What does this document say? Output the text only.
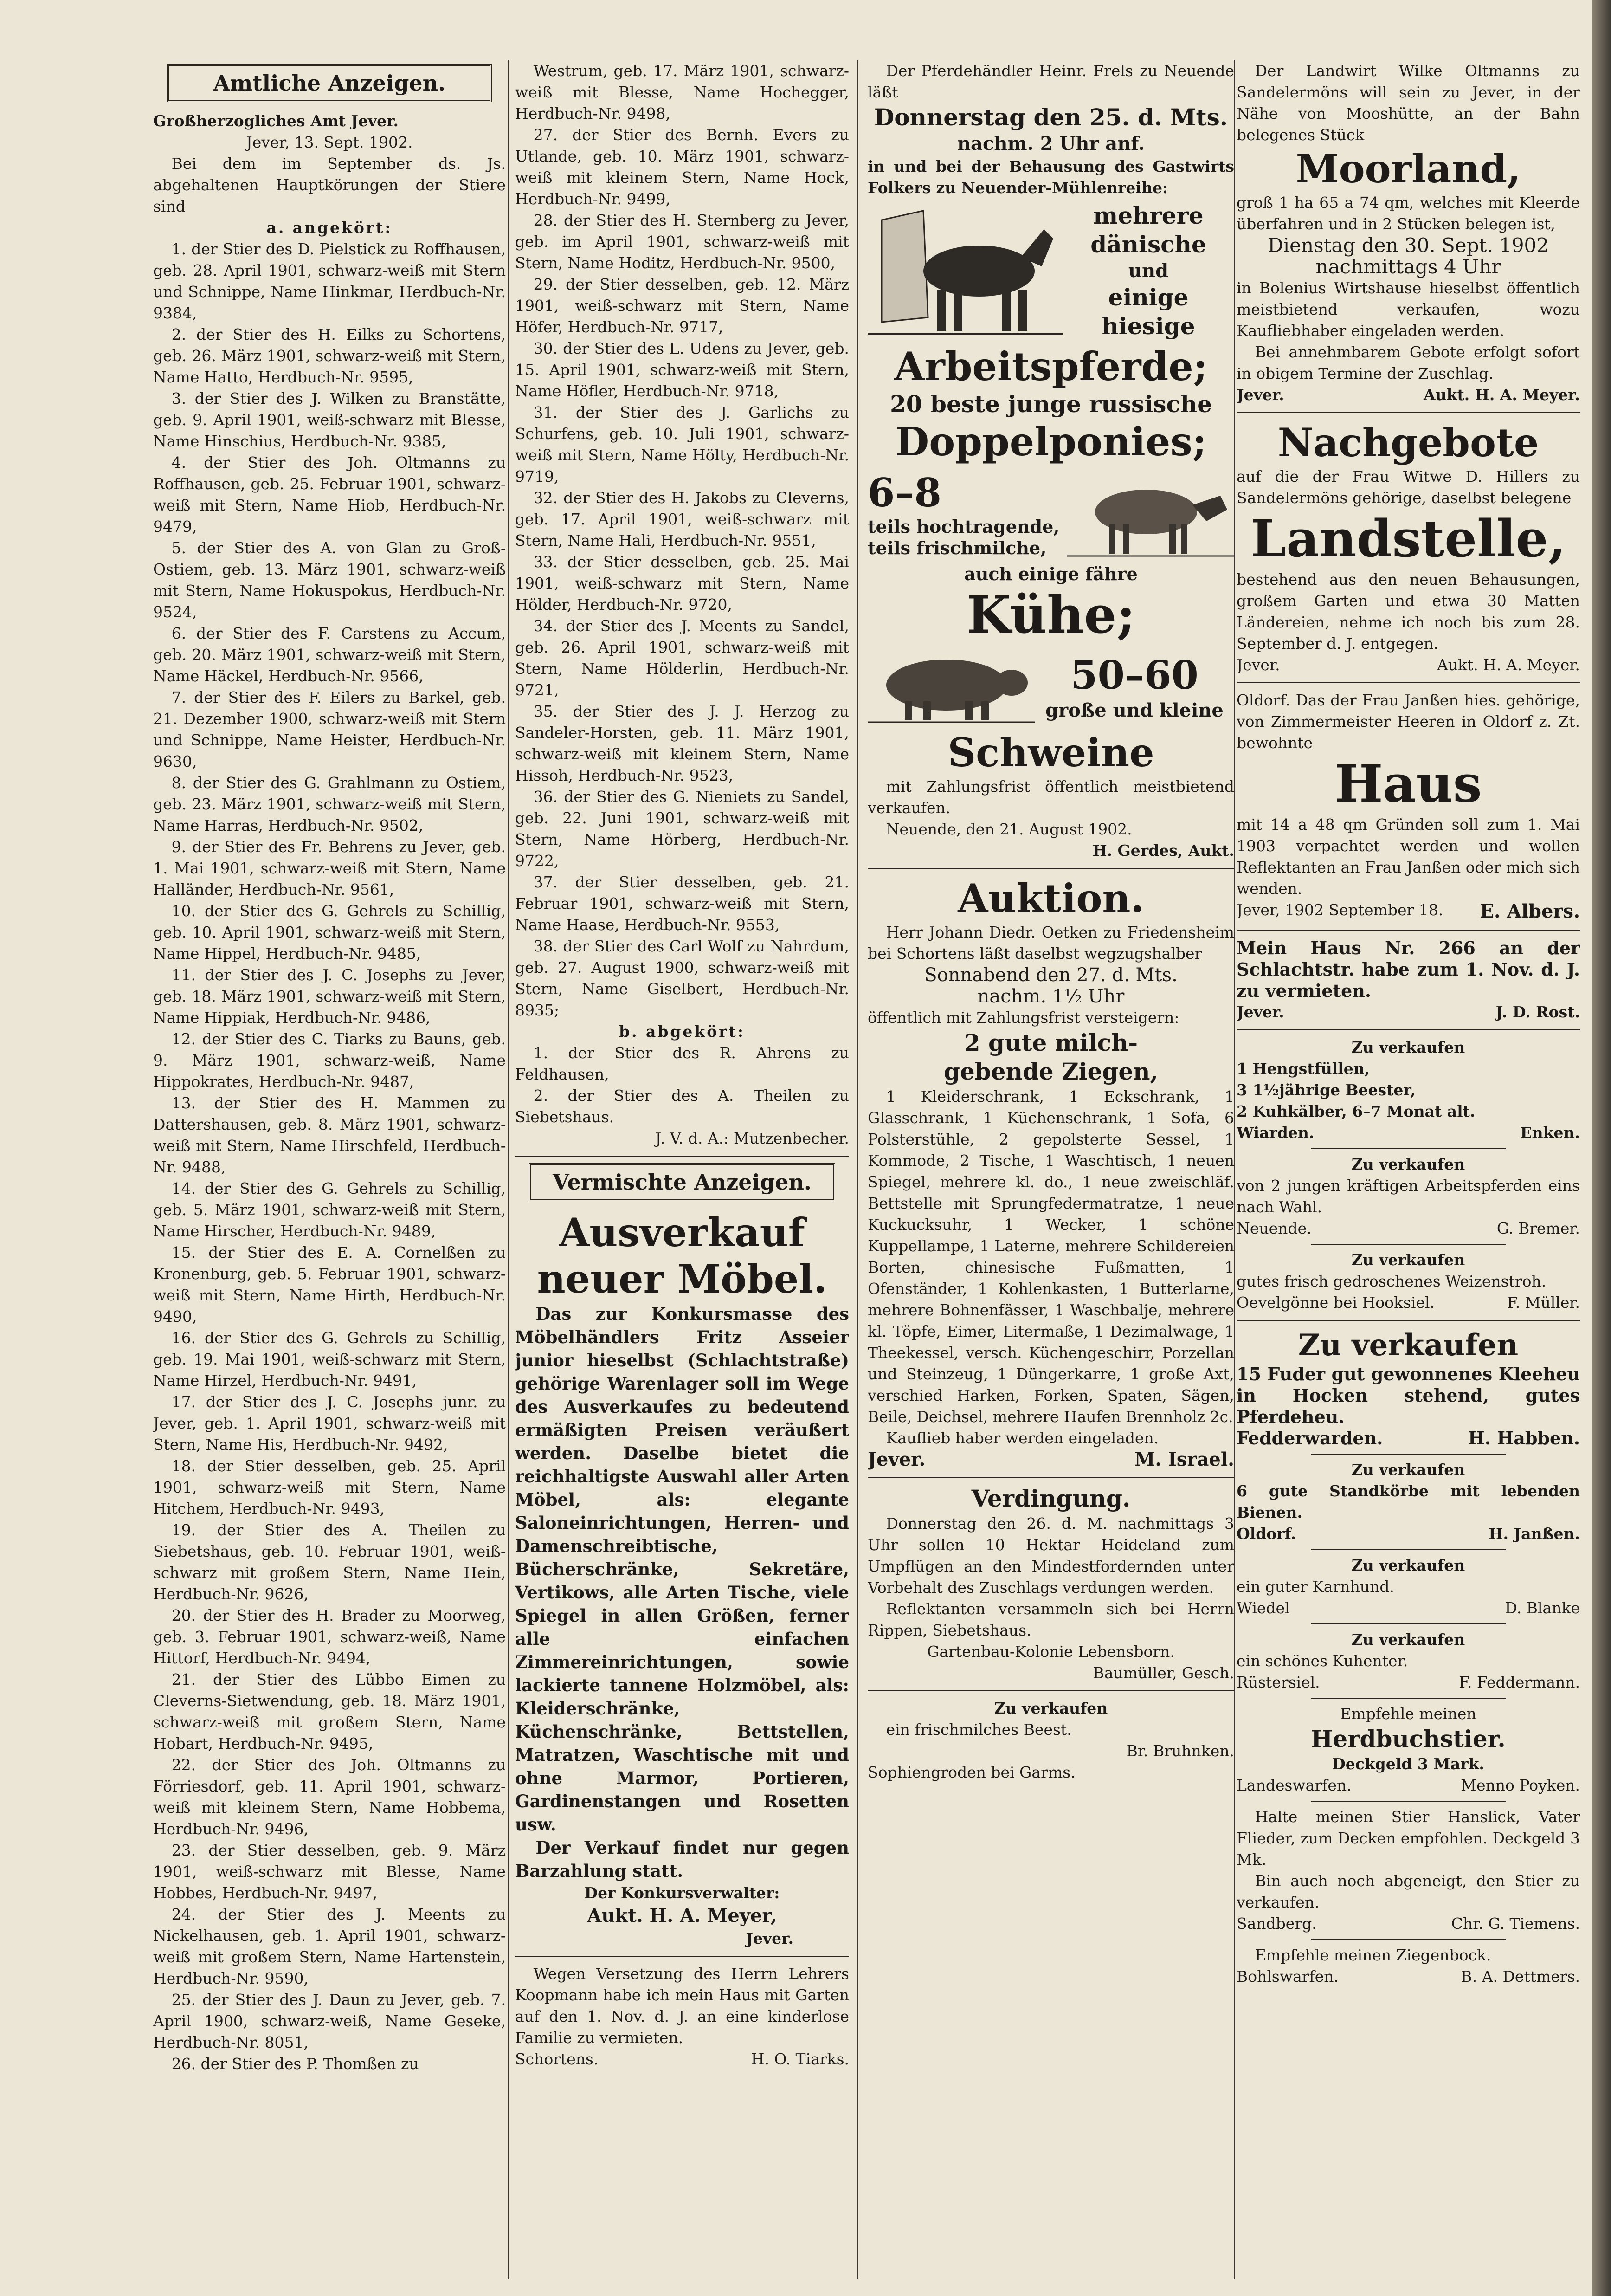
Amtliche Anzeigen.

Großherzogliches Amt Jever.

Jever, 13. Sept. 1902.

Bei dem im September ds. Js. abgehaltenen Hauptkörungen der Stiere sind

a. angekört:

1. der Stier des D. Pielstick zu Roffhausen, geb. 28. April 1901, schwarz-weiß mit Stern und Schnippe, Name Hinkmar, Herdbuch-Nr. 9384,

2. der Stier des H. Eilks zu Schortens, geb. 26. März 1901, schwarz-weiß mit Stern, Name Hatto, Herdbuch-Nr. 9595,

3. der Stier des J. Wilken zu Branstätte, geb. 9. April 1901, weiß-schwarz mit Blesse, Name Hinschius, Herdbuch-Nr. 9385,

4. der Stier des Joh. Oltmanns zu Roffhausen, geb. 25. Februar 1901, schwarz-weiß mit Stern, Name Hiob, Herdbuch-Nr. 9479,

5. der Stier des A. von Glan zu Groß-Ostiem, geb. 13. März 1901, schwarz-weiß mit Stern, Name Hokuspokus, Herdbuch-Nr. 9524,

6. der Stier des F. Carstens zu Accum, geb. 20. März 1901, schwarz-weiß mit Stern, Name Häckel, Herdbuch-Nr. 9566,

7. der Stier des F. Eilers zu Barkel, geb. 21. Dezember 1900, schwarz-weiß mit Stern und Schnippe, Name Heister, Herdbuch-Nr. 9630,

8. der Stier des G. Grahlmann zu Ostiem, geb. 23. März 1901, schwarz-weiß mit Stern, Name Harras, Herdbuch-Nr. 9502,

9. der Stier des Fr. Behrens zu Jever, geb. 1. Mai 1901, schwarz-weiß mit Stern, Name Halländer, Herdbuch-Nr. 9561,

10. der Stier des G. Gehrels zu Schillig, geb. 10. April 1901, schwarz-weiß mit Stern, Name Hippel, Herdbuch-Nr. 9485,

11. der Stier des J. C. Josephs zu Jever, geb. 18. März 1901, schwarz-weiß mit Stern, Name Hippiak, Herdbuch-Nr. 9486,

12. der Stier des C. Tiarks zu Bauns, geb. 9. März 1901, schwarz-weiß, Name Hippokrates, Herdbuch-Nr. 9487,

13. der Stier des H. Mammen zu Dattershausen, geb. 8. März 1901, schwarz-weiß mit Stern, Name Hirschfeld, Herdbuch-Nr. 9488,

14. der Stier des G. Gehrels zu Schillig, geb. 5. März 1901, schwarz-weiß mit Stern, Name Hirscher, Herdbuch-Nr. 9489,

15. der Stier des E. A. Cornelßen zu Kronenburg, geb. 5. Februar 1901, schwarz-weiß mit Stern, Name Hirth, Herdbuch-Nr. 9490,

16. der Stier des G. Gehrels zu Schillig, geb. 19. Mai 1901, weiß-schwarz mit Stern, Name Hirzel, Herdbuch-Nr. 9491,

17. der Stier des J. C. Josephs junr. zu Jever, geb. 1. April 1901, schwarz-weiß mit Stern, Name His, Herdbuch-Nr. 9492,

18. der Stier desselben, geb. 25. April 1901, schwarz-weiß mit Stern, Name Hitchem, Herdbuch-Nr. 9493,

19. der Stier des A. Theilen zu Siebetshaus, geb. 10. Februar 1901, weiß-schwarz mit großem Stern, Name Hein, Herdbuch-Nr. 9626,

20. der Stier des H. Brader zu Moorweg, geb. 3. Februar 1901, schwarz-weiß, Name Hittorf, Herdbuch-Nr. 9494,

21. der Stier des Lübbo Eimen zu Cleverns-Sietwendung, geb. 18. März 1901, schwarz-weiß mit großem Stern, Name Hobart, Herdbuch-Nr. 9495,

22. der Stier des Joh. Oltmanns zu Förriesdorf, geb. 11. April 1901, schwarz-weiß mit kleinem Stern, Name Hobbema, Herdbuch-Nr. 9496,

23. der Stier desselben, geb. 9. März 1901, weiß-schwarz mit Blesse, Name Hobbes, Herdbuch-Nr. 9497,

24. der Stier des J. Meents zu Nickelhausen, geb. 1. April 1901, schwarz-weiß mit großem Stern, Name Hartenstein, Herdbuch-Nr. 9590,

25. der Stier des J. Daun zu Jever, geb. 7. April 1900, schwarz-weiß, Name Geseke, Herdbuch-Nr. 8051,

26. der Stier des P. Thomßen zu

Westrum, geb. 17. März 1901, schwarz-weiß mit Blesse, Name Hochegger, Herdbuch-Nr. 9498,

27. der Stier des Bernh. Evers zu Utlande, geb. 10. März 1901, schwarz-weiß mit kleinem Stern, Name Hock, Herdbuch-Nr. 9499,

28. der Stier des H. Sternberg zu Jever, geb. im April 1901, schwarz-weiß mit Stern, Name Hoditz, Herdbuch-Nr. 9500,

29. der Stier desselben, geb. 12. März 1901, weiß-schwarz mit Stern, Name Höfer, Herdbuch-Nr. 9717,

30. der Stier des L. Udens zu Jever, geb. 15. April 1901, schwarz-weiß mit Stern, Name Höfler, Herdbuch-Nr. 9718,

31. der Stier des J. Garlichs zu Schurfens, geb. 10. Juli 1901, schwarz-weiß mit Stern, Name Hölty, Herdbuch-Nr. 9719,

32. der Stier des H. Jakobs zu Cleverns, geb. 17. April 1901, weiß-schwarz mit Stern, Name Hali, Herdbuch-Nr. 9551,

33. der Stier desselben, geb. 25. Mai 1901, weiß-schwarz mit Stern, Name Hölder, Herdbuch-Nr. 9720,

34. der Stier des J. Meents zu Sandel, geb. 26. April 1901, schwarz-weiß mit Stern, Name Hölderlin, Herdbuch-Nr. 9721,

35. der Stier des J. J. Herzog zu Sandeler-Horsten, geb. 11. März 1901, schwarz-weiß mit kleinem Stern, Name Hissoh, Herdbuch-Nr. 9523,

36. der Stier des G. Nieniets zu Sandel, geb. 22. Juni 1901, schwarz-weiß mit Stern, Name Hörberg, Herdbuch-Nr. 9722,

37. der Stier desselben, geb. 21. Februar 1901, schwarz-weiß mit Stern, Name Haase, Herdbuch-Nr. 9553,

38. der Stier des Carl Wolf zu Nahrdum, geb. 27. August 1900, schwarz-weiß mit Stern, Name Giselbert, Herdbuch-Nr. 8935;

b. abgekört:

1. der Stier des R. Ahrens zu Feldhausen,

2. der Stier des A. Theilen zu Siebetshaus.

J. V. d. A.: Mutzenbecher.

Vermischte Anzeigen.

Ausverkauf

neuer Möbel.

Das zur Konkursmasse des Möbelhändlers Fritz Asseier junior hieselbst (Schlachtstraße) gehörige Warenlager soll im Wege des Ausverkaufes zu bedeutend ermäßigten Preisen veräußert werden. Daselbe bietet die reichhaltigste Auswahl aller Arten Möbel, als: elegante Saloneinrichtungen, Herren- und Damenschreibtische, Bücherschränke, Sekretäre, Vertikows, alle Arten Tische, viele Spiegel in allen Größen, ferner alle einfachen Zimmereinrichtungen, sowie lackierte tannene Holzmöbel, als: Kleiderschränke, Küchenschränke, Bettstellen, Matratzen, Waschtische mit und ohne Marmor, Portieren, Gardinenstangen und Rosetten usw.

Der Verkauf findet nur gegen Barzahlung statt.

Der Konkursverwalter:

Aukt. H. A. Meyer,

Jever.

Wegen Versetzung des Herrn Lehrers Koopmann habe ich mein Haus mit Garten auf den 1. Nov. d. J. an eine kinderlose Familie zu vermieten.

Schortens.	H. O. Tiarks.

Der Pferdehändler Heinr. Frels zu Neuende läßt

Donnerstag den 25. d. Mts.

nachm. 2 Uhr anf.

in und bei der Behausung des Gastwirts Folkers zu Neuender-Mühlenreihe:

mehrere

dänische

und

einige

hiesige

Arbeitspferde;

20 beste junge russische

Doppelponies;

6–8

teils hochtragende,

teils frischmilche,

auch einige fähre

Kühe;

50–60

große und kleine

Schweine

mit Zahlungsfrist öffentlich meistbietend verkaufen.

Neuende, den 21. August 1902.

H. Gerdes, Aukt.

Auktion.

Herr Johann Diedr. Oetken zu Friedensheim bei Schortens läßt daselbst wegzugshalber

Sonnabend den 27. d. Mts.

nachm. 1½ Uhr

öffentlich mit Zahlungsfrist versteigern:

2 gute milch-

gebende Ziegen,

1 Kleiderschrank, 1 Eckschrank, 1 Glasschrank, 1 Küchenschrank, 1 Sofa, 6 Polsterstühle, 2 gepolsterte Sessel, 1 Kommode, 2 Tische, 1 Waschtisch, 1 neuen Spiegel, mehrere kl. do., 1 neue zweischläf. Bettstelle mit Sprungfedermatratze, 1 neue Kuckucksuhr, 1 Wecker, 1 schöne Kuppellampe, 1 Laterne, mehrere Schildereien Borten, chinesische Fußmatten, 1 Ofenständer, 1 Kohlenkasten, 1 Butterlarne, mehrere Bohnenfässer, 1 Waschbalje, mehrere kl. Töpfe, Eimer, Litermaße, 1 Dezimalwage, 1 Theekessel, versch. Küchengeschirr, Porzellan und Steinzeug, 1 Düngerkarre, 1 große Axt, verschied Harken, Forken, Spaten, Sägen, Beile, Deichsel, mehrere Haufen Brennholz 2c.

Kauflieb haber werden eingeladen.

Jever.	M. Israel.

Verdingung.

Donnerstag den 26. d. M. nachmittags 3 Uhr sollen 10 Hektar Heideland zum Umpflügen an den Mindestfordernden unter Vorbehalt des Zuschlags verdungen werden.

Reflektanten versammeln sich bei Herrn Rippen, Siebetshaus.

Gartenbau-Kolonie Lebensborn.

Baumüller, Gesch.

Zu verkaufen

ein frischmilches Beest.

Br. Bruhnken.

Sophiengroden bei Garms.

Der Landwirt Wilke Oltmanns zu Sandelermöns will sein zu Jever, in der Nähe von Mooshütte, an der Bahn belegenes Stück

Moorland,

groß 1 ha 65 a 74 qm, welches mit Kleerde überfahren und in 2 Stücken belegen ist,

Dienstag den 30. Sept. 1902

nachmittags 4 Uhr

in Bolenius Wirtshause hieselbst öffentlich meistbietend verkaufen, wozu Kaufliebhaber eingeladen werden.

Bei annehmbarem Gebote erfolgt sofort in obigem Termine der Zuschlag.

Jever.	Aukt. H. A. Meyer.

Nachgebote

auf die der Frau Witwe D. Hillers zu Sandelermöns gehörige, daselbst belegene

Landstelle,

bestehend aus den neuen Behausungen, großem Garten und etwa 30 Matten Ländereien, nehme ich noch bis zum 28. September d. J. entgegen.

Jever.	Aukt. H. A. Meyer.

Oldorf. Das der Frau Janßen hies. gehörige, von Zimmermeister Heeren in Oldorf z. Zt. bewohnte

Haus

mit 14 a 48 qm Gründen soll zum 1. Mai 1903 verpachtet werden und wollen Reflektanten an Frau Janßen oder mich sich wenden.

Jever, 1902 September 18. E. Albers.

Mein Haus Nr. 266 an der Schlachtstr. habe zum 1. Nov. d. J. zu vermieten.

Jever.	J. D. Rost.

Zu verkaufen

1 Hengstfüllen,

3 1½jährige Beester,

2 Kuhkälber, 6–7 Monat alt.

Wiarden.	Enken.

Zu verkaufen

von 2 jungen kräftigen Arbeitspferden eins nach Wahl.

Neuende.	G. Bremer.

Zu verkaufen

gutes frisch gedroschenes Weizenstroh.

Oevelgönne bei Hooksiel.	F. Müller.

Zu verkaufen

15 Fuder gut gewonnenes Kleeheu in Hocken stehend, gutes Pferdeheu.

Fedderwarden.	H. Habben.

Zu verkaufen

6 gute Standkörbe mit lebenden Bienen.

Oldorf.	H. Janßen.

Zu verkaufen

ein guter Karnhund.

Wiedel	D. Blanke

Zu verkaufen

ein schönes Kuhenter.

Rüstersiel.	F. Feddermann.

Empfehle meinen

Herdbuchstier.

Deckgeld 3 Mark.

Landeswarfen.	Menno Poyken.

Halte meinen Stier Hanslick, Vater Flieder, zum Decken empfohlen. Deckgeld 3 Mk.

Bin auch noch abgeneigt, den Stier zu verkaufen.

Sandberg.	Chr. G. Tiemens.

Empfehle meinen Ziegenbock.

Bohlswarfen.	B. A. Dettmers.
